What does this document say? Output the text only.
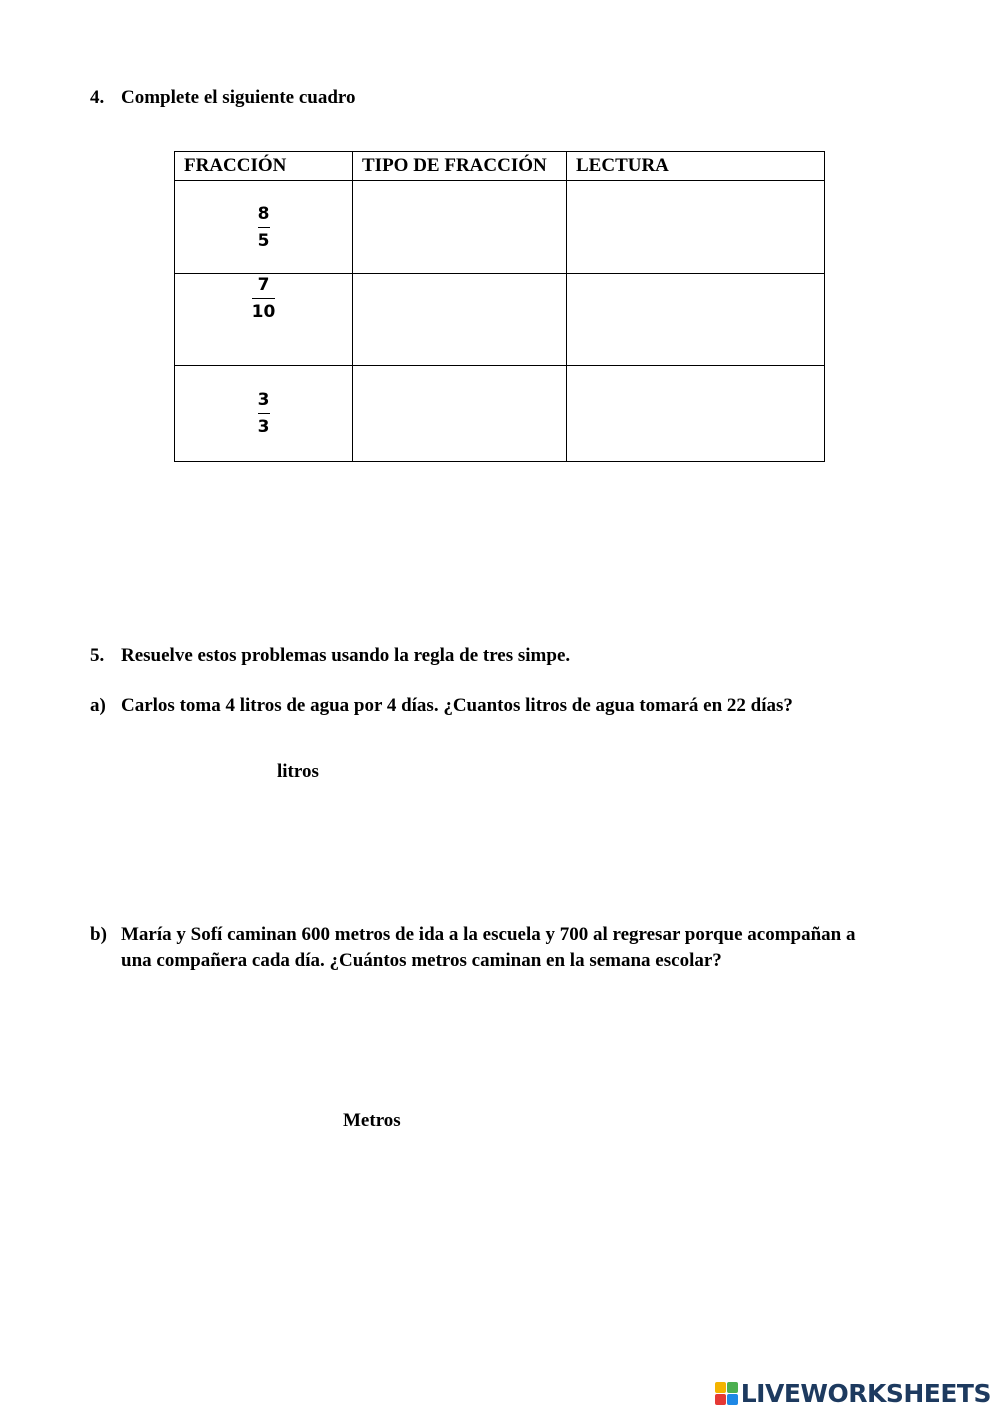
4. Complete el siguiente cuadro
FRACCIÓN	TIPO DE FRACCIÓN	LECTURA

$\frac{8}{5}$

$\frac{7}{10}$

$\frac{3}{3}$

5. Resuelve estos problemas usando la regla de tres simpe.
a) Carlos toma 4 litros de agua por 4 días. ¿Cuantos litros de agua tomará en 22 días?
litros
b) María y Sofí caminan 600 metros de ida a la escuela y 700 al regresar porque acompañan a
una compañera cada día. ¿Cuántos metros caminan en la semana escolar?
Metros
LIVEWORKSHEETS
